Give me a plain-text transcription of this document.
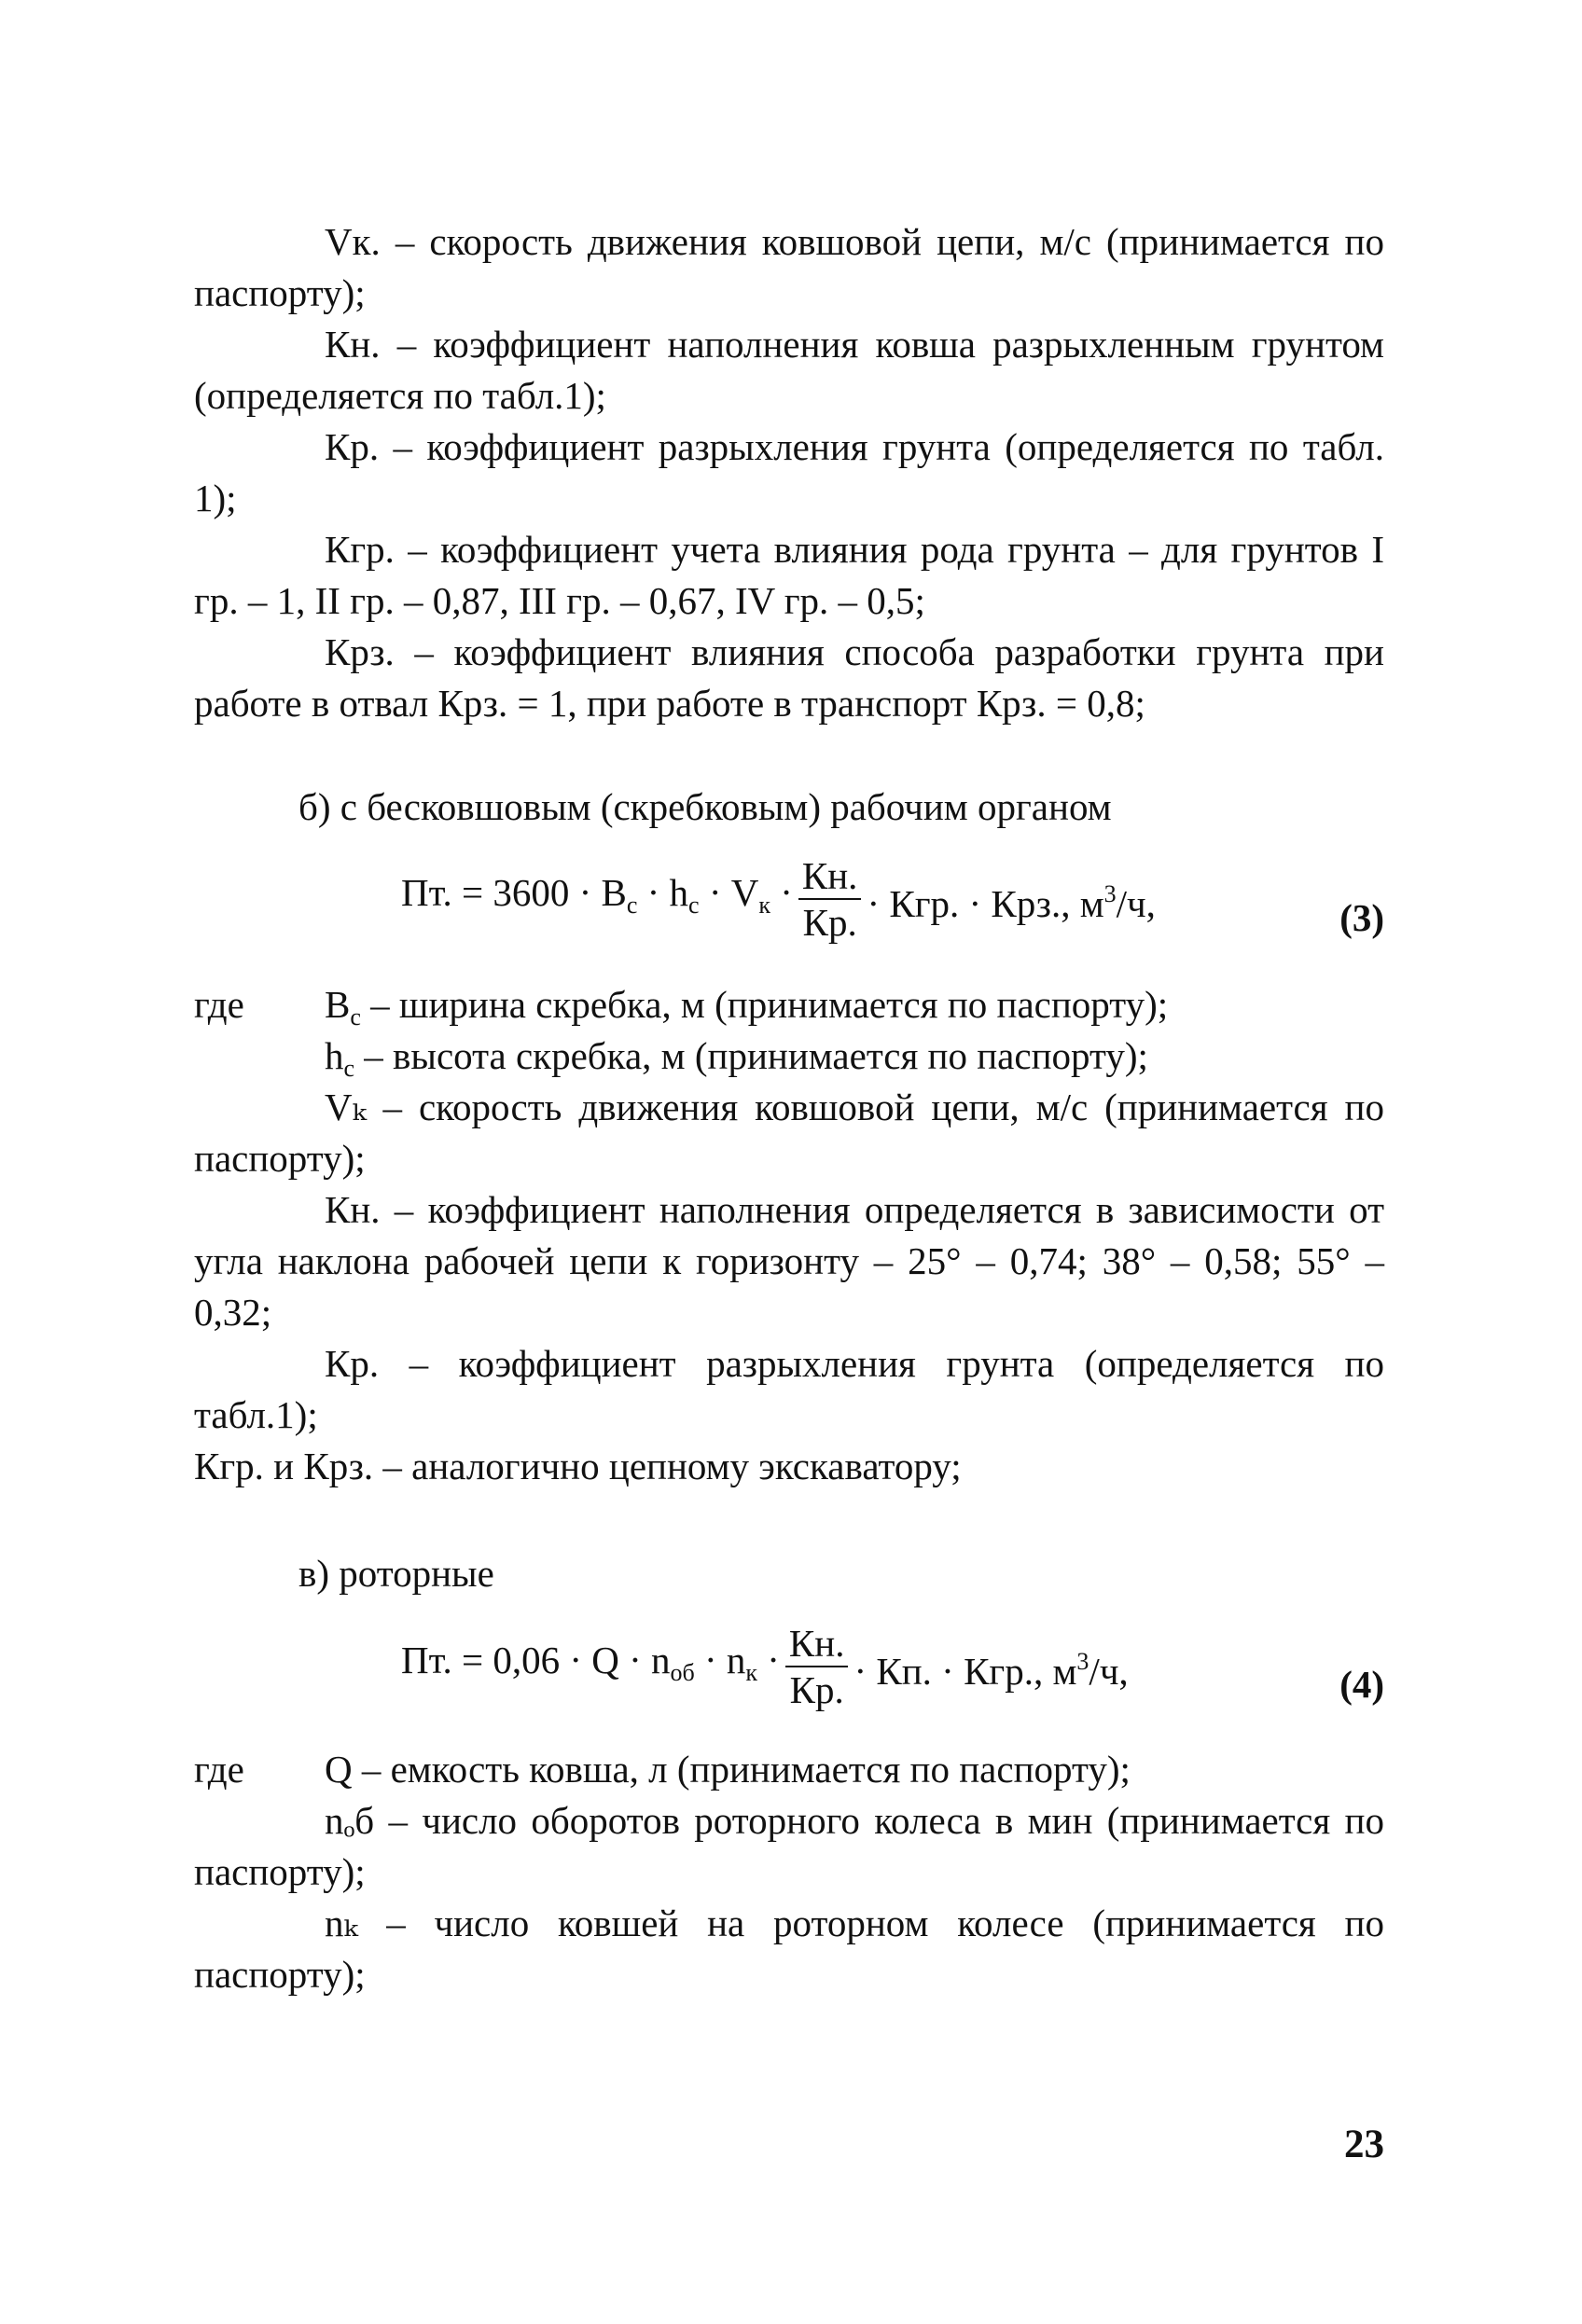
Vк. – скорость движения ковшовой цепи, м/с (принимается по паспорту);

Кн. – коэффициент наполнения ковша разрыхленным грунтом (определяется по табл.1);

Кр. – коэффициент разрыхления грунта (определяется по табл. 1);

Кгр. – коэффициент учета влияния рода грунта – для грунтов I гр. – 1, II гр. – 0,87, III гр. – 0,67, IV гр. – 0,5;

Крз. – коэффициент влияния способа разработки грунта при работе в отвал Крз. = 1, при работе в транспорт Крз. = 0,8;

б) с бесковшовым (скребковым) рабочим органом

Пт. = $3600 \cdot B_с \cdot h_с \cdot V_к \cdot \frac{Кн.}{Кр.}$ · Кгр. · Крз., $м^3/ч$,	(3)
где $В_с$ – ширина скребка, м (принимается по паспорту);
$h_с$ – высота скребка, м (принимается по паспорту);

Vₖ – скорость движения ковшовой цепи, м/с (принимается по паспорту);

Кн. – коэффициент наполнения определяется в зависимости от угла наклона рабочей цепи к горизонту – 25° – 0,74; 38° – 0,58; 55° – 0,32;

Кр. – коэффициент разрыхления грунта (определяется по табл.1);

Кгр. и Крз. – аналогично цепному экскаватору;

в) роторные

Пт. = $0,06 \cdot Q \cdot n_{об} \cdot n_к \cdot \frac{Кн.}{Кр.}$ · Кп. · Кгр., $м^3/ч$,	(4)
где Q – емкость ковша, л (принимается по паспорту);

nₒб – число оборотов роторного колеса в мин (принимается по паспорту);

nₖ – число ковшей на роторном колесе (принимается по паспорту);

23
